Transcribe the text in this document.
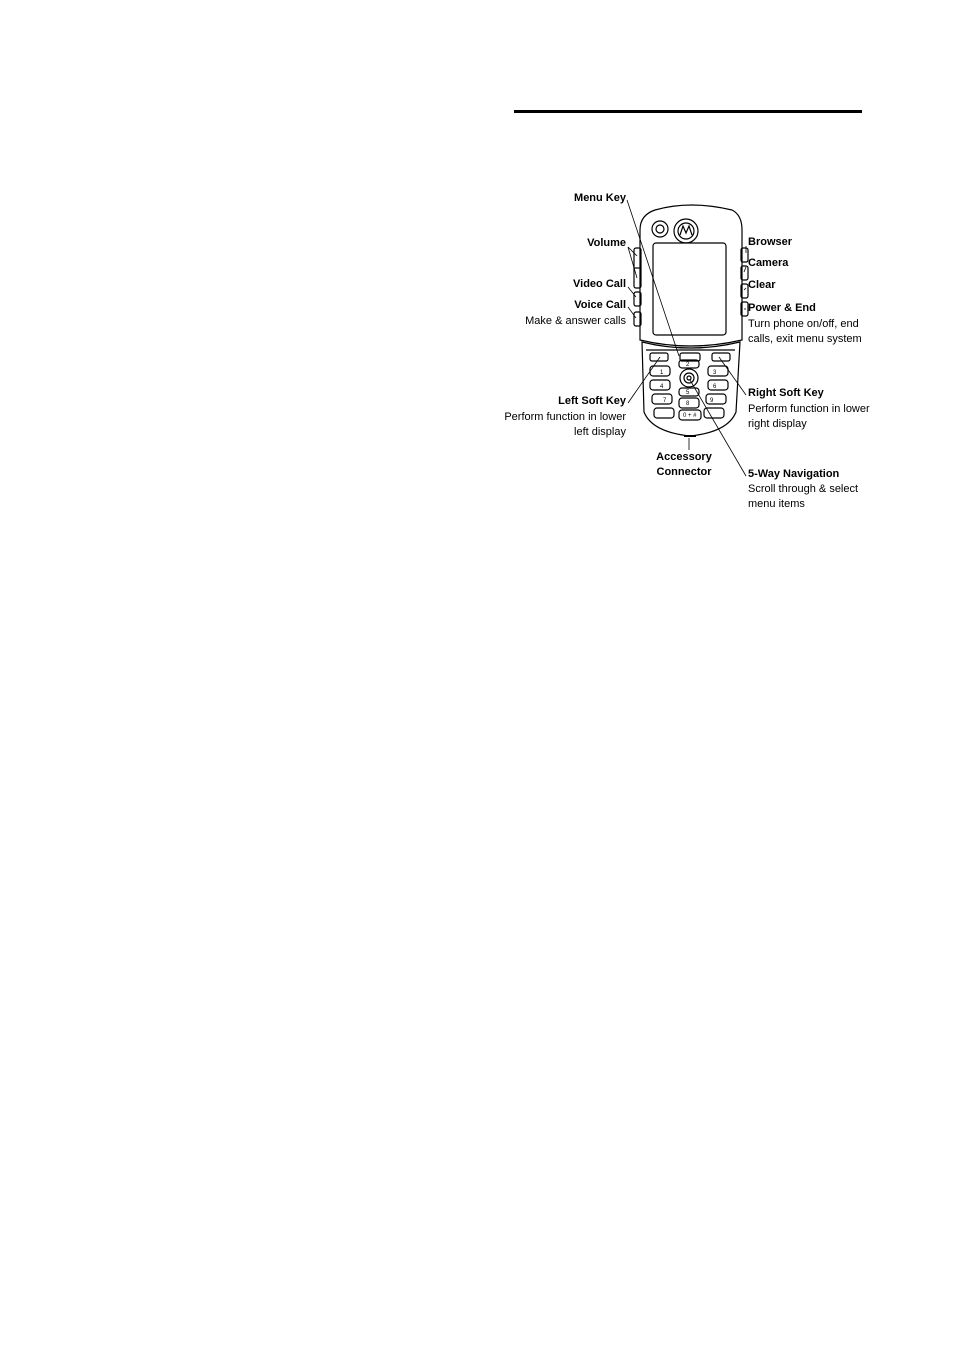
1
2
3
4
5
6
7	8	9
0 + #
Menu Key
Volume
Video Call
Voice Call
Make & answer calls
Left Soft Key
Perform function in lower
left display
Accessory
Connector
Browser
Camera
Clear
Power & End
Turn phone on/off, end
calls, exit menu system
Right Soft Key
Perform function in lower
right display
5-Way Navigation
Scroll through & select
menu items
